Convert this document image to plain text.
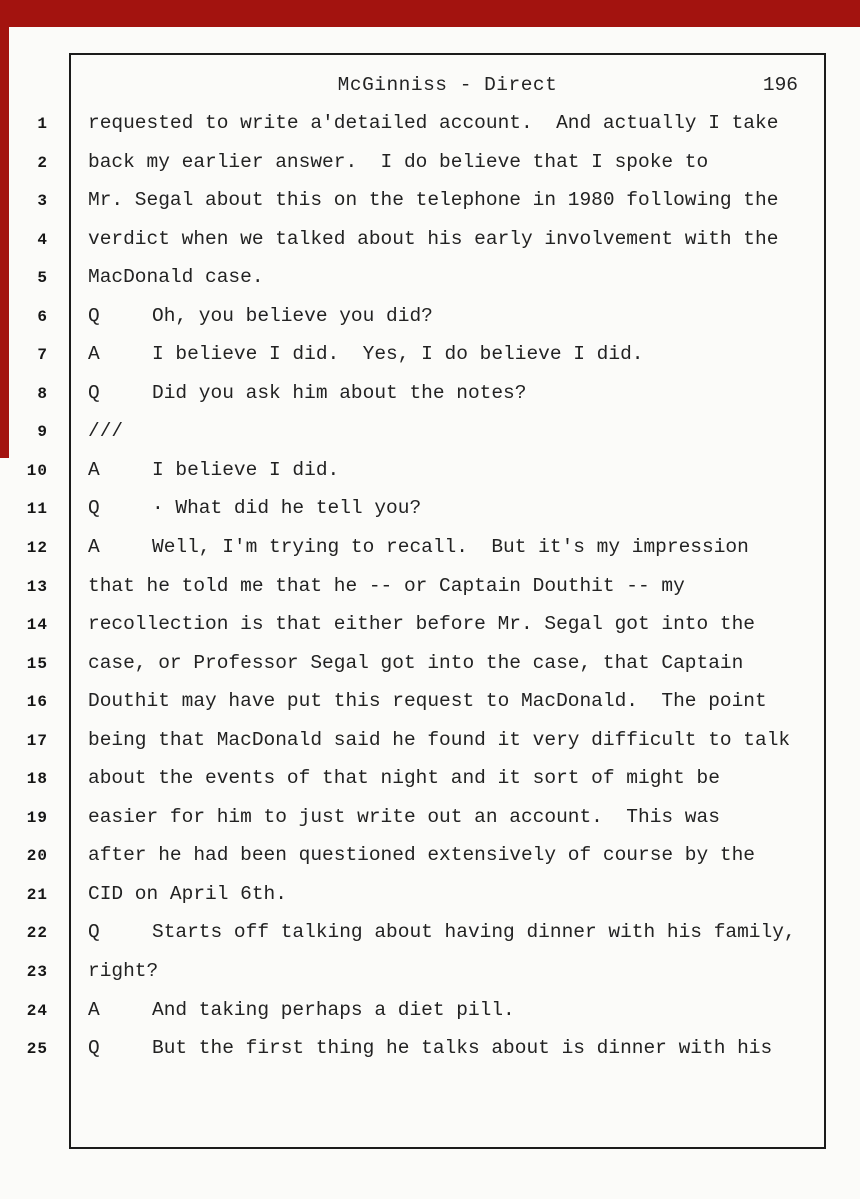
McGinniss - Direct	196
1 requested to write a'detailed account.  And actually I take
2 back my earlier answer.  I do believe that I spoke to
3 Mr. Segal about this on the telephone in 1980 following the
4 verdict when we talked about his early involvement with the
5 MacDonald case.
6 Q	Oh, you believe you did?
7 A	I believe I did.  Yes, I do believe I did.
8 Q	Did you ask him about the notes?
9 ///
10 A	I believe I did.
11 Q	· What did he tell you?
12 A	Well, I'm trying to recall.  But it's my impression
13 that he told me that he -- or Captain Douthit -- my
14 recollection is that either before Mr. Segal got into the
15 case, or Professor Segal got into the case, that Captain
16 Douthit may have put this request to MacDonald.  The point
17 being that MacDonald said he found it very difficult to talk
18 about the events of that night and it sort of might be
19 easier for him to just write out an account.  This was
20 after he had been questioned extensively of course by the
21 CID on April 6th.
22 Q	Starts off talking about having dinner with his family,
23 right?
24 A	And taking perhaps a diet pill.
25 Q	But the first thing he talks about is dinner with his
